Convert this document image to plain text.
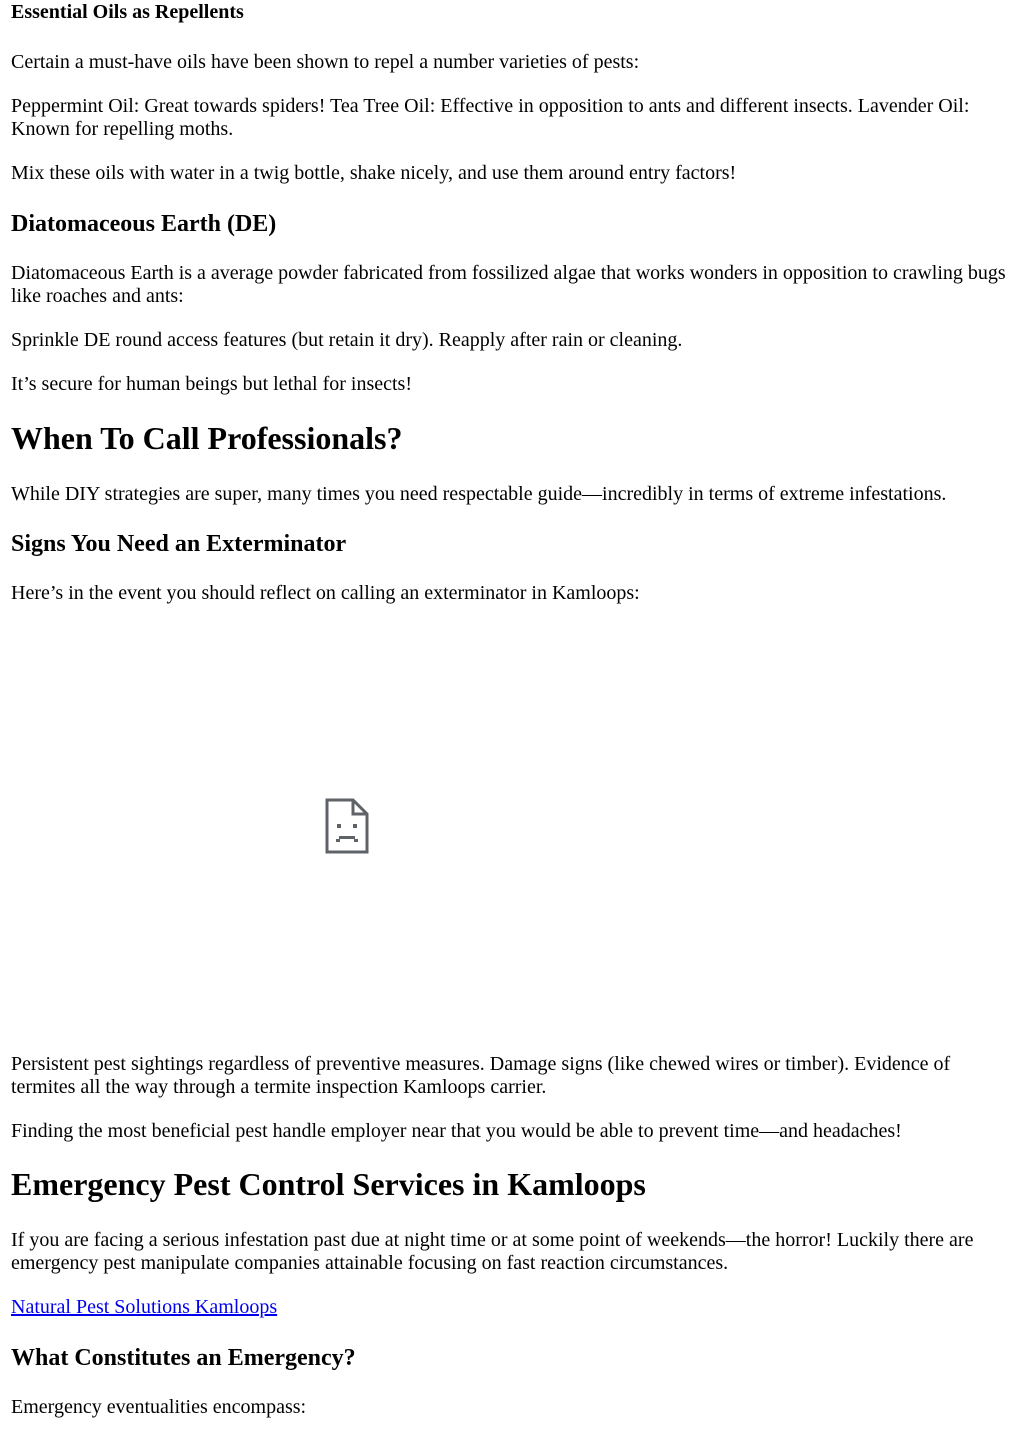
Essential Oils as Repellents

Certain a must-have oils have been shown to repel a number varieties of pests:

Peppermint Oil: Great towards spiders! Tea Tree Oil: Effective in opposition to ants and different insects. Lavender Oil: Known for repelling moths.

Mix these oils with water in a twig bottle, shake nicely, and use them around entry factors!

Diatomaceous Earth (DE)

Diatomaceous Earth is a average powder fabricated from fossilized algae that works wonders in opposition to crawling bugs like roaches and ants:

Sprinkle DE round access features (but retain it dry). Reapply after rain or cleaning.

It’s secure for human beings but lethal for insects!

When To Call Professionals?

While DIY strategies are super, many times you need respectable guide—incredibly in terms of extreme infestations.

Signs You Need an Exterminator

Here’s in the event you should reflect on calling an exterminator in Kamloops:

Persistent pest sightings regardless of preventive measures. Damage signs (like chewed wires or timber). Evidence of termites all the way through a termite inspection Kamloops carrier.

Finding the most beneficial pest handle employer near that you would be able to prevent time—and headaches!

Emergency Pest Control Services in Kamloops

If you are facing a serious infestation past due at night time or at some point of weekends—the horror! Luckily there are emergency pest manipulate companies attainable focusing on fast reaction circumstances.

Natural Pest Solutions Kamloops

What Constitutes an Emergency?

Emergency eventualities encompass:
